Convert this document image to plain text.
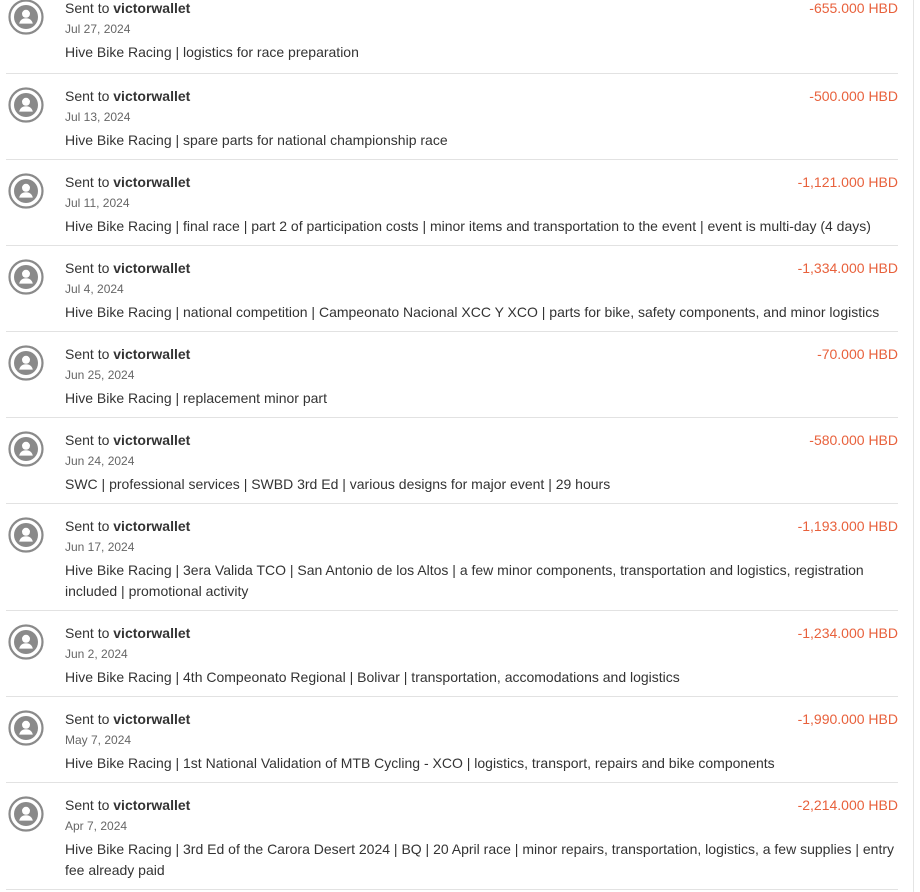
Sent to victorwallet
Jul 27, 2024
Hive Bike Racing | logistics for race preparation
-655.000 HBD
Sent to victorwallet
Jul 13, 2024
Hive Bike Racing | spare parts for national championship race
-500.000 HBD
Sent to victorwallet
Jul 11, 2024
Hive Bike Racing | final race | part 2 of participation costs | minor items and transportation to the event | event is multi-day (4 days)
-1,121.000 HBD
Sent to victorwallet
Jul 4, 2024
Hive Bike Racing | national competition | Campeonato Nacional XCC Y XCO | parts for bike, safety components, and minor logistics
-1,334.000 HBD
Sent to victorwallet
Jun 25, 2024
Hive Bike Racing | replacement minor part
-70.000 HBD
Sent to victorwallet
Jun 24, 2024
SWC | professional services | SWBD 3rd Ed | various designs for major event | 29 hours
-580.000 HBD
Sent to victorwallet
Jun 17, 2024
Hive Bike Racing | 3era Valida TCO | San Antonio de los Altos | a few minor components, transportation and logistics, registration included | promotional activity
-1,193.000 HBD
Sent to victorwallet
Jun 2, 2024
Hive Bike Racing | 4th Compeonato Regional | Bolivar | transportation, accomodations and logistics
-1,234.000 HBD
Sent to victorwallet
May 7, 2024
Hive Bike Racing | 1st National Validation of MTB Cycling - XCO | logistics, transport, repairs and bike components
-1,990.000 HBD
Sent to victorwallet
Apr 7, 2024
Hive Bike Racing | 3rd Ed of the Carora Desert 2024 | BQ | 20 April race | minor repairs, transportation, logistics, a few supplies | entry fee already paid
-2,214.000 HBD
